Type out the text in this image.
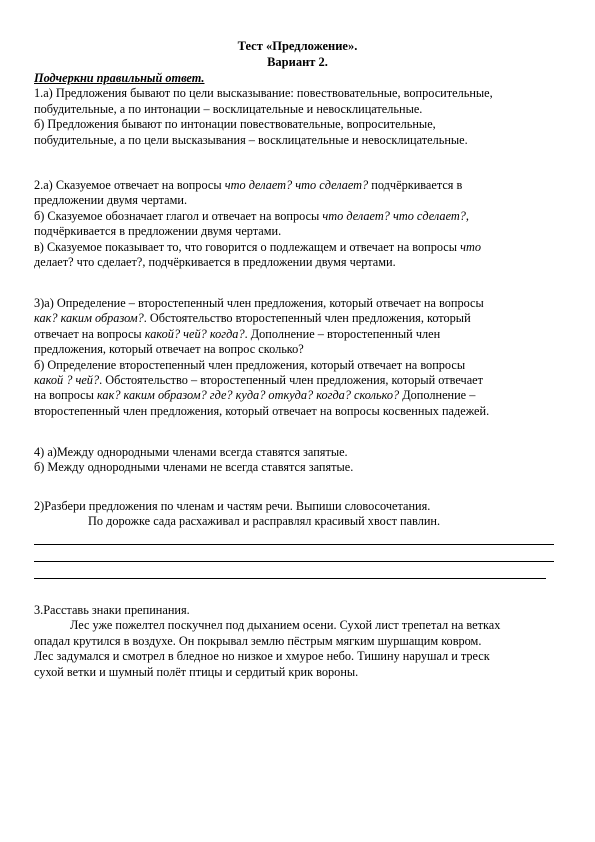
Тест «Предложение».
Вариант 2.
Подчеркни правильный ответ.
1.а) Предложения бывают по цели высказывание: повествовательные, вопросительные,
побудительные, а по интонации – восклицательные и невосклицательные.
б) Предложения бывают по интонации повествовательные, вопросительные,
побудительные, а по цели высказывания – восклицательные и невосклицательные.
2.а) Сказуемое отвечает на вопросы что делает? что сделает? подчёркивается в
предложении двумя чертами.
б) Сказуемое обозначает глагол и отвечает на вопросы что делает? что сделает?,
подчёркивается в предложении двумя чертами.
в) Сказуемое показывает то, что говорится о подлежащем и отвечает на вопросы что
делает? что сделает?, подчёркивается в предложении двумя чертами.
3)а) Определение – второстепенный член предложения, который отвечает на вопросы
как? каким образом?. Обстоятельство второстепенный член предложения, который
отвечает на вопросы какой? чей? когда?. Дополнение – второстепенный член
предложения, который отвечает на вопрос сколько?
б) Определение второстепенный член предложения, который отвечает на вопросы
какой ? чей?. Обстоятельство – второстепенный член предложения, который отвечает
на вопросы как? каким образом? где? куда? откуда? когда? сколько? Дополнение –
второстепенный член предложения, который отвечает на вопросы косвенных падежей.
4) а)Между однородными членами всегда ставятся запятые.
б) Между однородными членами не всегда ставятся запятые.
2)Разбери предложения по членам и частям речи. Выпиши словосочетания.
По дорожке сада расхаживал и расправлял красивый хвост павлин.
3.Расставь знаки препинания.
Лес уже пожелтел поскучнел под дыханием осени. Сухой лист трепетал на ветках
опадал крутился в воздухе. Он покрывал землю пёстрым мягким шуршащим ковром.
Лес задумался и смотрел в бледное но низкое и хмурое небо. Тишину нарушал и треск
сухой ветки и шумный полёт птицы и сердитый крик вороны.
